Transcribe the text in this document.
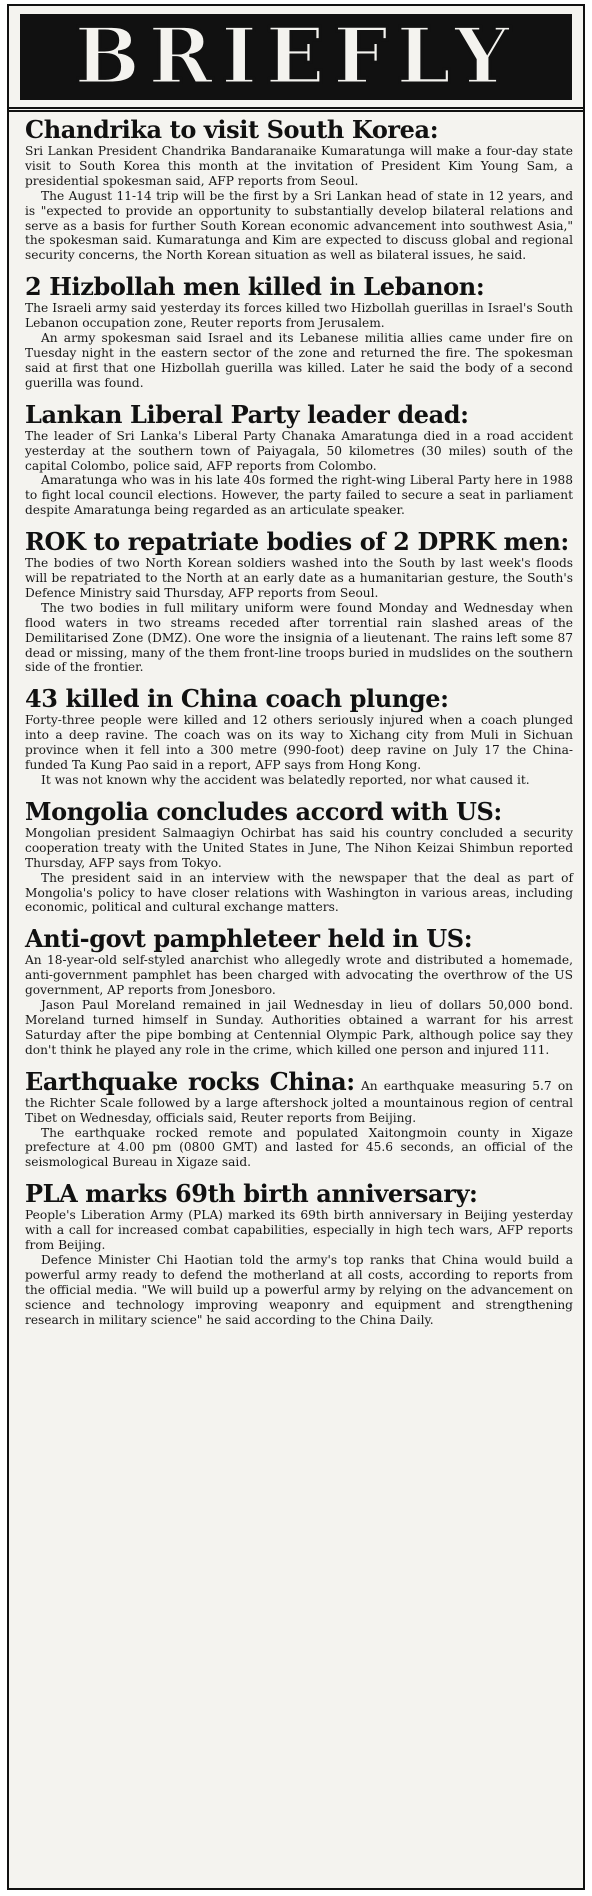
BRIEFLY
Chandrika to visit South Korea:

Sri Lankan President Chandrika Bandaranaike Kumaratunga will make a four-day state visit to South Korea this month at the invitation of President Kim Young Sam, a presidential spokesman said, AFP reports from Seoul.

The August 11-14 trip will be the first by a Sri Lankan head of state in 12 years, and is "expected to provide an opportunity to substantially develop bilateral relations and serve as a basis for further South Korean economic advancement into southwest Asia," the spokesman said. Kumaratunga and Kim are expected to discuss global and regional security concerns, the North Korean situation as well as bilateral issues, he said.

2 Hizbollah men killed in Lebanon:

The Israeli army said yesterday its forces killed two Hizbollah guerillas in Israel's South Lebanon occupation zone, Reuter reports from Jerusalem.

An army spokesman said Israel and its Lebanese militia allies came under fire on Tuesday night in the eastern sector of the zone and returned the fire. The spokesman said at first that one Hizbollah guerilla was killed. Later he said the body of a second guerilla was found.

Lankan Liberal Party leader dead:

The leader of Sri Lanka's Liberal Party Chanaka Amaratunga died in a road accident yesterday at the southern town of Paiyagala, 50 kilometres (30 miles) south of the capital Colombo, police said, AFP reports from Colombo.

Amaratunga who was in his late 40s formed the right-wing Liberal Party here in 1988 to fight local council elections. However, the party failed to secure a seat in parliament despite Amaratunga being regarded as an articulate speaker.

ROK to repatriate bodies of 2 DPRK men:

The bodies of two North Korean soldiers washed into the South by last week's floods will be repatriated to the North at an early date as a humanitarian gesture, the South's Defence Ministry said Thursday, AFP reports from Seoul.

The two bodies in full military uniform were found Monday and Wednesday when flood waters in two streams receded after torrential rain slashed areas of the Demilitarised Zone (DMZ). One wore the insignia of a lieutenant. The rains left some 87 dead or missing, many of the them front-line troops buried in mudslides on the southern side of the frontier.

43 killed in China coach plunge:

Forty-three people were killed and 12 others seriously injured when a coach plunged into a deep ravine. The coach was on its way to Xichang city from Muli in Sichuan province when it fell into a 300 metre (990-foot) deep ravine on July 17 the China-funded Ta Kung Pao said in a report, AFP says from Hong Kong.

It was not known why the accident was belatedly reported, nor what caused it.

Mongolia concludes accord with US:

Mongolian president Salmaagiyn Ochirbat has said his country concluded a security cooperation treaty with the United States in June, The Nihon Keizai Shimbun reported Thursday, AFP says from Tokyo.

The president said in an interview with the newspaper that the deal as part of Mongolia's policy to have closer relations with Washington in various areas, including economic, political and cultural exchange matters.

Anti-govt pamphleteer held in US:

An 18-year-old self-styled anarchist who allegedly wrote and distributed a homemade, anti-government pamphlet has been charged with advocating the overthrow of the US government, AP reports from Jonesboro.

Jason Paul Moreland remained in jail Wednesday in lieu of dollars 50,000 bond. Moreland turned himself in Sunday. Authorities obtained a warrant for his arrest Saturday after the pipe bombing at Centennial Olympic Park, although police say they don't think he played any role in the crime, which killed one person and injured 111.

Earthquake rocks China: An earthquake measuring 5.7 on the Richter Scale followed by a large aftershock jolted a mountainous region of central Tibet on Wednesday, officials said, Reuter reports from Beijing.

The earthquake rocked remote and populated Xaitongmoin county in Xigaze prefecture at 4.00 pm (0800 GMT) and lasted for 45.6 seconds, an official of the seismological Bureau in Xigaze said.

PLA marks 69th birth anniversary:

People's Liberation Army (PLA) marked its 69th birth anniversary in Beijing yesterday with a call for increased combat capabilities, especially in high tech wars, AFP reports from Beijing.

Defence Minister Chi Haotian told the army's top ranks that China would build a powerful army ready to defend the motherland at all costs, according to reports from the official media. "We will build up a powerful army by relying on the advancement on science and technology improving weaponry and equipment and strengthening research in military science" he said according to the China Daily.
